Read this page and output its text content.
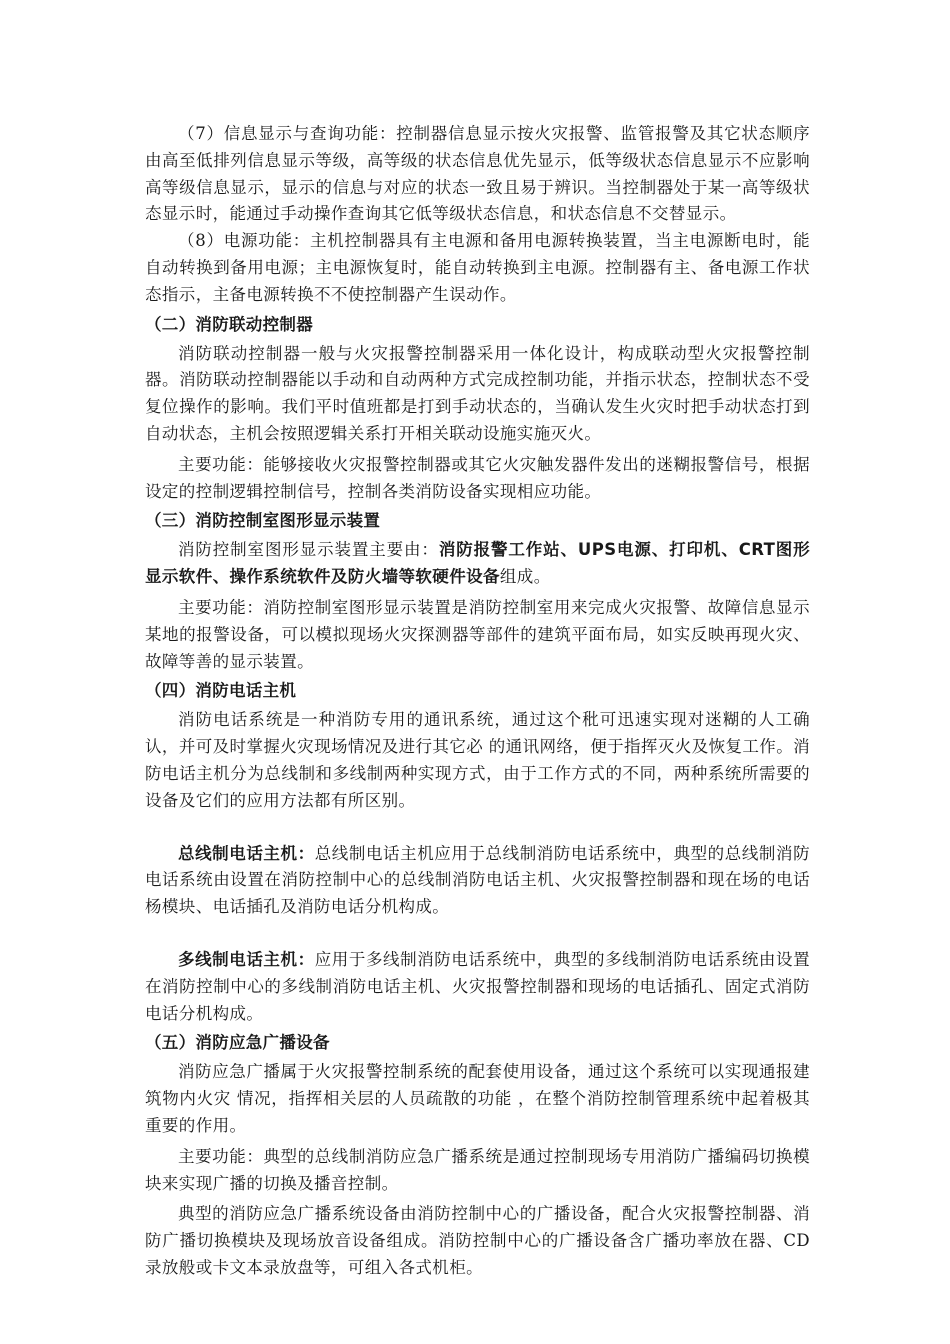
（7）信息显示与查询功能：控制器信息显示按火灾报警、监管报警及其它状态顺序由高至低排列信息显示等级，高等级的状态信息优先显示，低等级状态信息显示不应影响高等级信息显示，显示的信息与对应的状态一致且易于辨识。当控制器处于某一高等级状态显示时，能通过手动操作查询其它低等级状态信息，和状态信息不交替显示。

（8）电源功能：主机控制器具有主电源和备用电源转换装置，当主电源断电时，能自动转换到备用电源；主电源恢复时，能自动转换到主电源。控制器有主、备电源工作状态指示，主备电源转换不不使控制器产生误动作。

（二）消防联动控制器

消防联动控制器一般与火灾报警控制器采用一体化设计，构成联动型火灾报警控制器。消防联动控制器能以手动和自动两种方式完成控制功能，并指示状态，控制状态不受复位操作的影响。我们平时值班都是打到手动状态的，当确认发生火灾时把手动状态打到自动状态，主机会按照逻辑关系打开相关联动设施实施灭火。

主要功能：能够接收火灾报警控制器或其它火灾触发器件发出的迷糊报警信号，根据设定的控制逻辑控制信号，控制各类消防设备实现相应功能。

（三）消防控制室图形显示装置

消防控制室图形显示装置主要由：消防报警工作站、UPS电源、打印机、CRT图形显示软件、操作系统软件及防火墙等软硬件设备组成。

主要功能：消防控制室图形显示装置是消防控制室用来完成火灾报警、故障信息显示某地的报警设备，可以模拟现场火灾探测器等部件的建筑平面布局，如实反映再现火灾、故障等善的显示装置。

（四）消防电话主机

消防电话系统是一种消防专用的通讯系统，通过这个秕可迅速实现对迷糊的人工确认，并可及时掌握火灾现场情况及进行其它必 的通讯网络，便于指挥灭火及恢复工作。消防电话主机分为总线制和多线制两种实现方式，由于工作方式的不同，两种系统所需要的设备及它们的应用方法都有所区别。

总线制电话主机：总线制电话主机应用于总线制消防电话系统中，典型的总线制消防电话系统由设置在消防控制中心的总线制消防电话主机、火灾报警控制器和现在场的电话杨模块、电话插孔及消防电话分机构成。

多线制电话主机：应用于多线制消防电话系统中，典型的多线制消防电话系统由设置在消防控制中心的多线制消防电话主机、火灾报警控制器和现场的电话插孔、固定式消防电话分机构成。

（五）消防应急广播设备

消防应急广播属于火灾报警控制系统的配套使用设备，通过这个系统可以实现通报建筑物内火灾 情况，指挥相关层的人员疏散的功能 ，在整个消防控制管理系统中起着极其重要的作用。

主要功能：典型的总线制消防应急广播系统是通过控制现场专用消防广播编码切换模块来实现广播的切换及播音控制。

典型的消防应急广播系统设备由消防控制中心的广播设备，配合火灾报警控制器、消防广播切换模块及现场放音设备组成。消防控制中心的广播设备含广播功率放在器、CD录放般或卡文本录放盘等，可组入各式机柜。
